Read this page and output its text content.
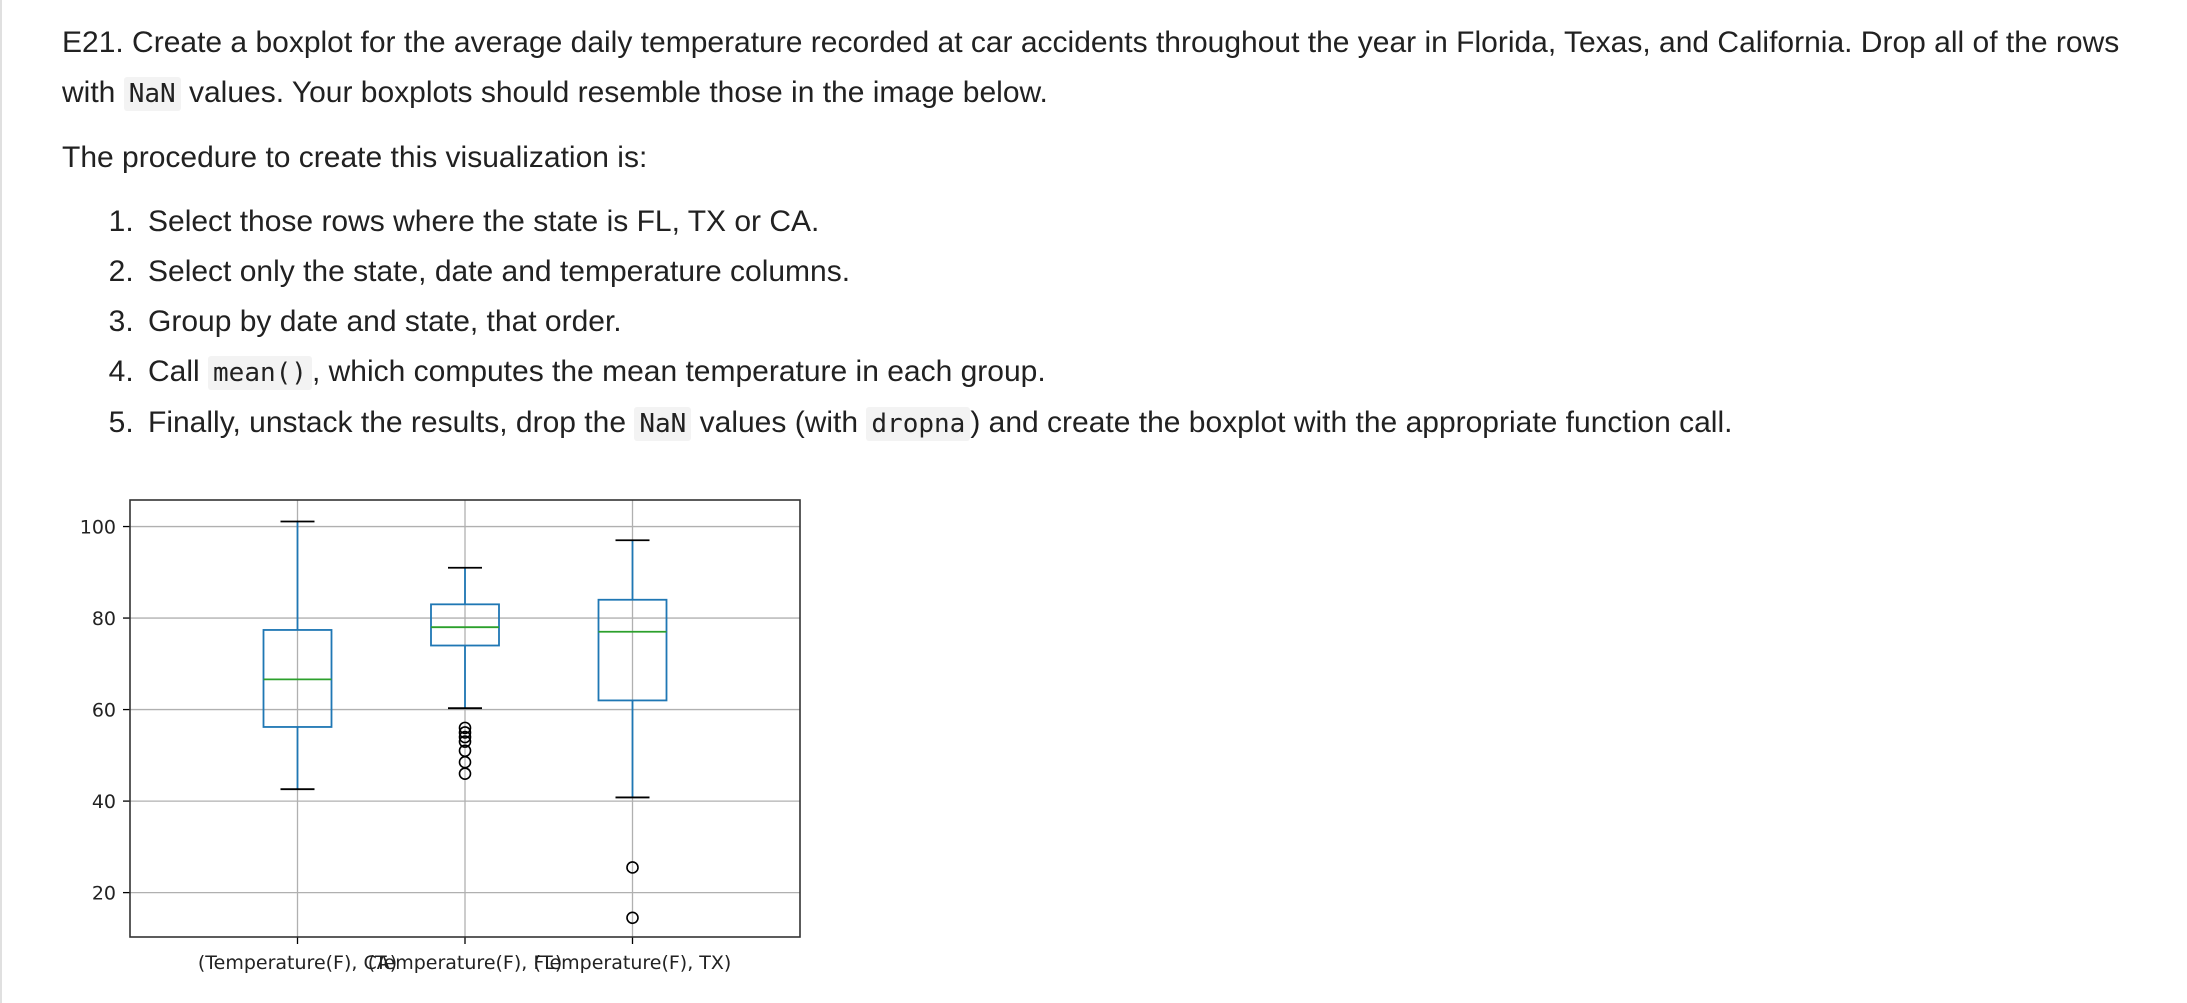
E21. Create a boxplot for the average daily temperature recorded at car accidents throughout the year in Florida, Texas, and California. Drop all of the rows with NaN values. Your boxplots should resemble those in the image below.

The procedure to create this visualization is:

1. Select those rows where the state is FL, TX or CA.
2. Select only the state, date and temperature columns.
3. Group by date and state, that order.
4. Call mean() , which computes the mean temperature in each group.
5. Finally, unstack the results, drop the NaN values (with dropna ) and create the boxplot with the appropriate function call.
20
40
60
80
100
(Temperature(F), CA)
(Temperature(F), FL)
(Temperature(F), TX)
